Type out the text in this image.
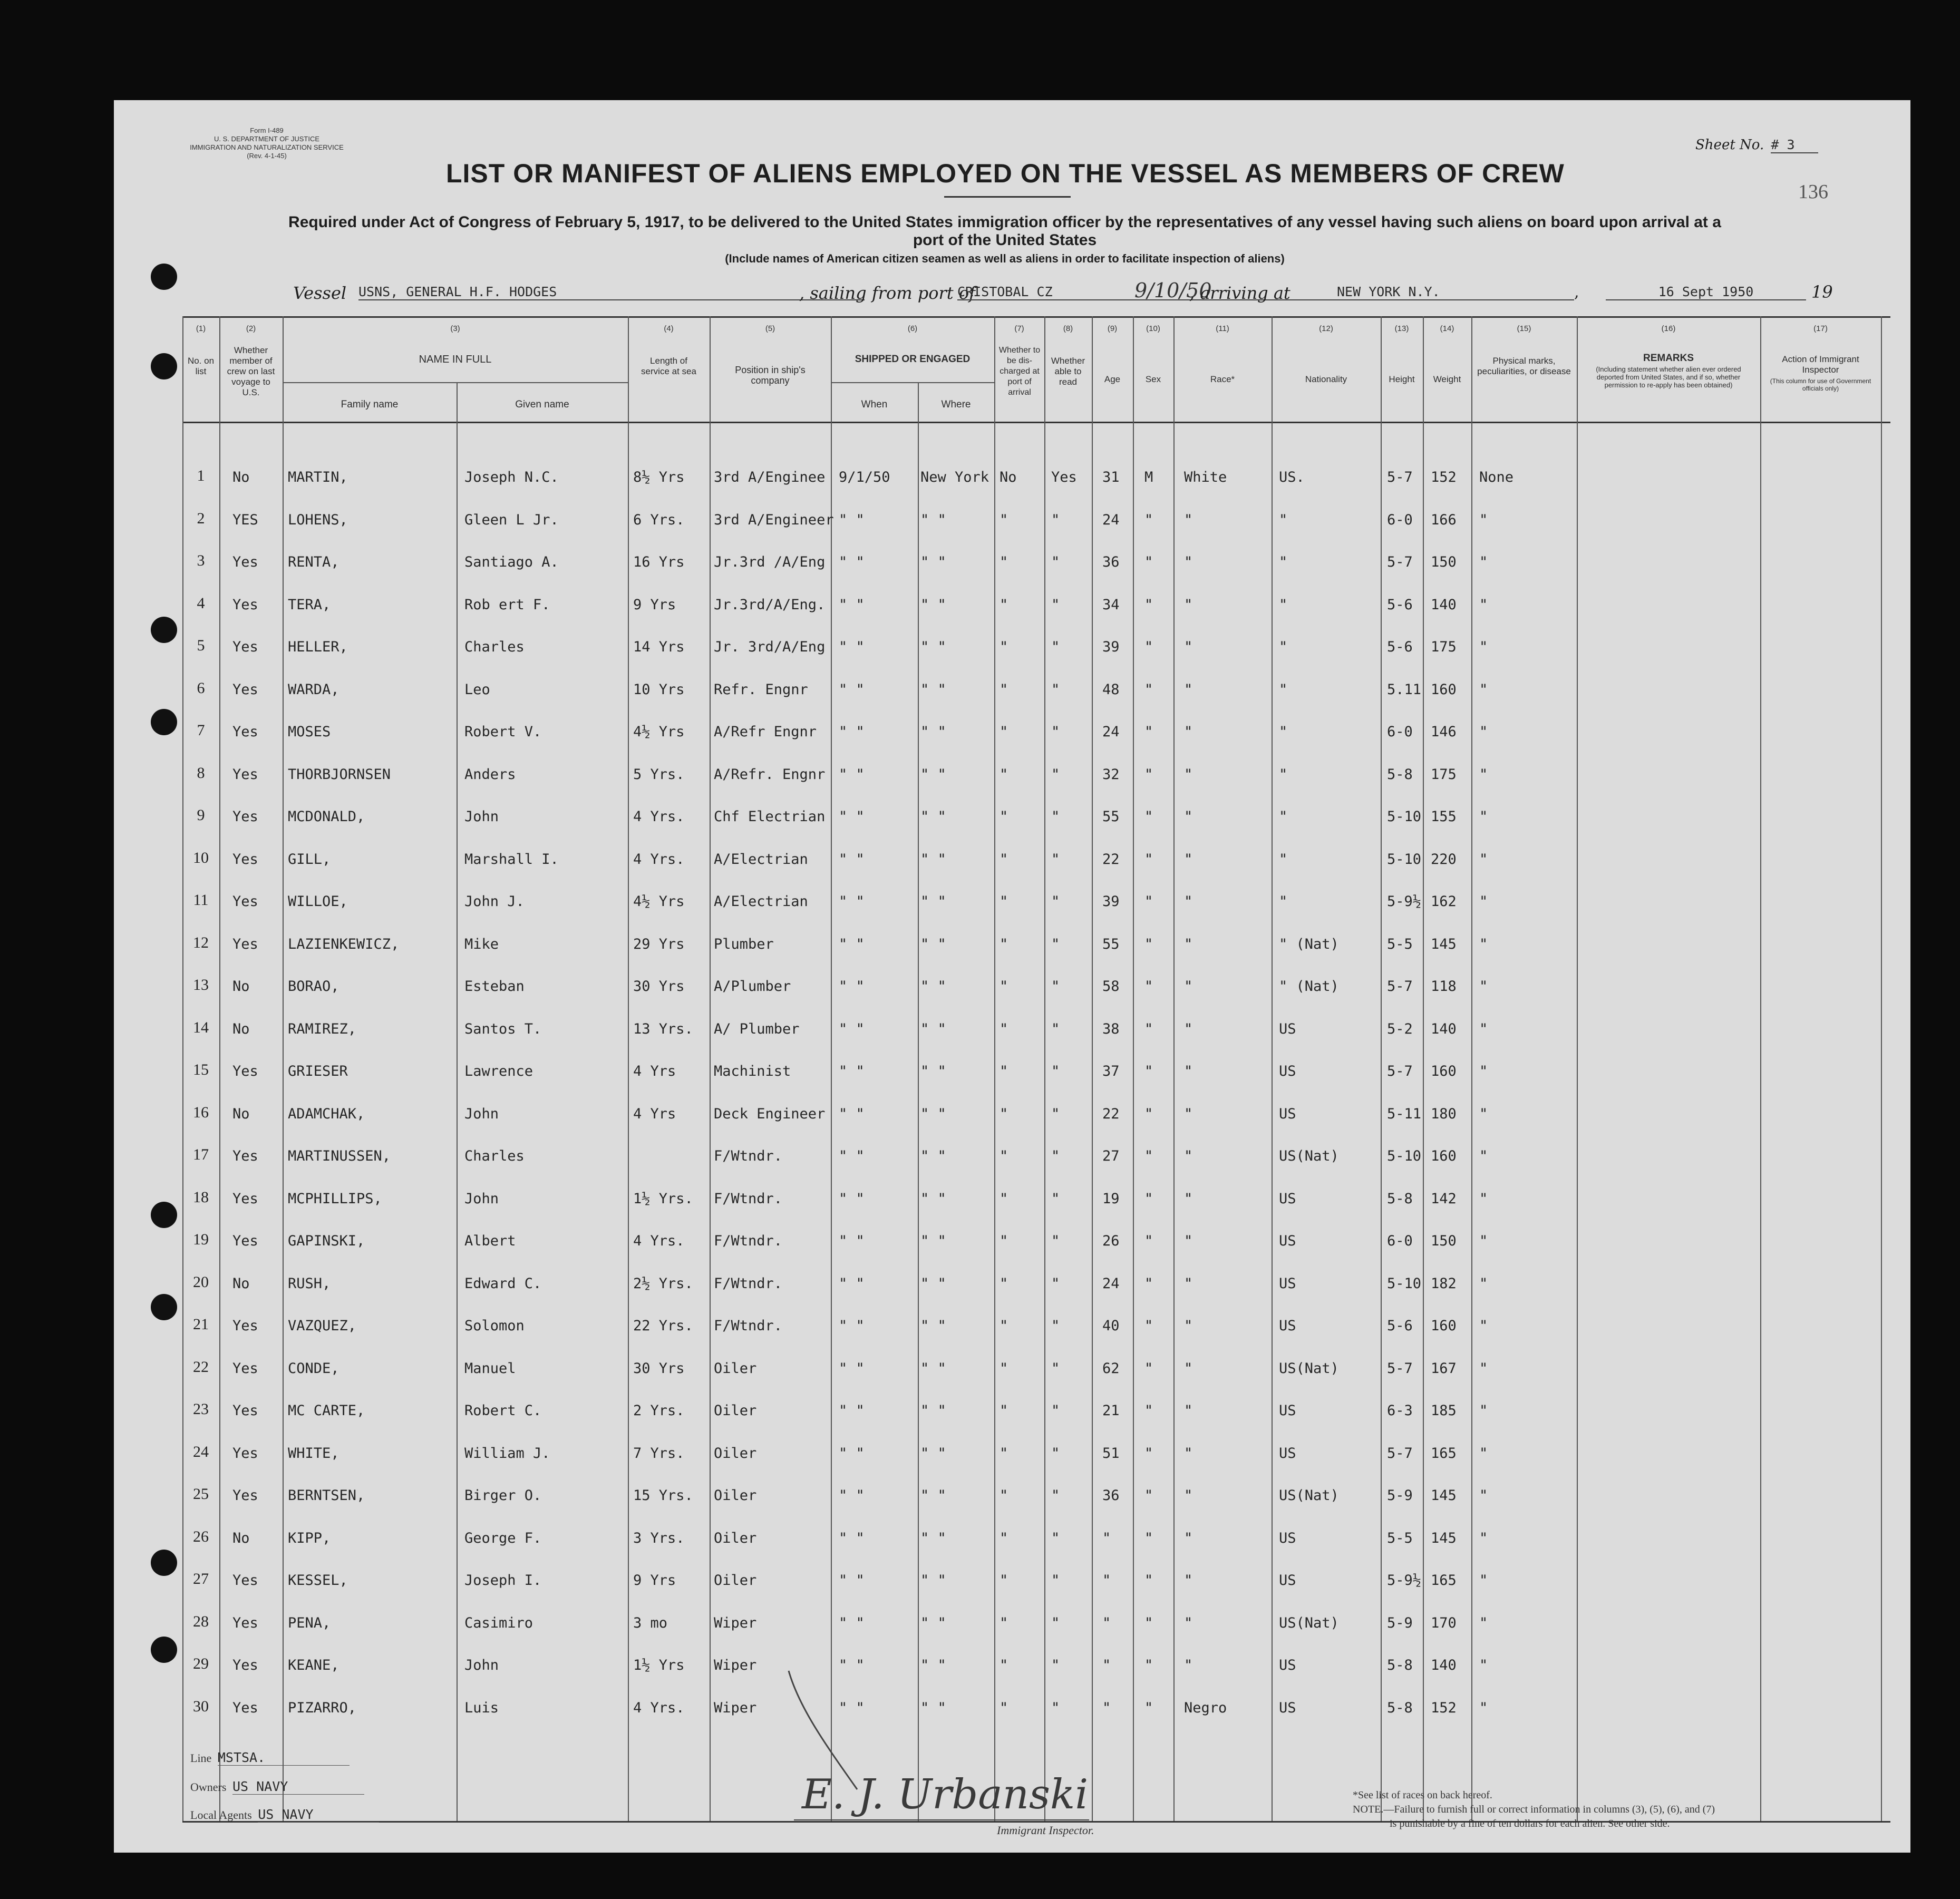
Form I-489
U. S. DEPARTMENT OF JUSTICE
IMMIGRATION AND NATURALIZATION SERVICE
(Rev. 4-1-45)
Sheet No. # 3
136
LIST OR MANIFEST OF ALIENS EMPLOYED ON THE VESSEL AS MEMBERS OF CREW
Required under Act of Congress of February 5, 1917, to be delivered to the United States immigration officer by the representatives of any vessel having such aliens on board upon arrival at a
port of the United States
(Include names of American citizen seamen as well as aliens in order to facilitate inspection of aliens)
Vessel USNS, GENERAL H.F. HODGES	, sailing from port of
CRISTOBAL CZ	9/10/50
, arriving at	NEW YORK N.Y.	,	16 Sept 1950	19
(1)	(2)	(3)	(4)	(5)	(6)	(7)	(8)	(9)	(10)	(11)	(12)	(13)	(14)	(15)	(16)	(17)
No. on list
Whether member of crew on last voyage to U.S.
NAME IN FULL
Family name	Given name
Length of service at sea	Position in ship's company
SHIPPED OR ENGAGED
When	Where
Whether to be dis-charged at port of arrival
Whether able to read	Age	Sex	Race*	Nationality	Height	Weight
Physical marks, peculiarities, or disease
REMARKS
(Including statement whether alien ever ordered deported from United States, and if so, whether permission to re-apply has been obtained)
Action of Immigrant Inspector
(This column for use of Government officials only)
1	No	MARTIN,	Joseph N.C.	8½ Yrs 3rd A/Enginee 9/1/50 New York No Yes 31 M White	US.	5-7 152 None
2	YES LOHENS,	Gleen L Jr.	6 Yrs. 3rd A/Engineer " "	" "	"	"	24 " "	"	6-0 166 "
3	Yes RENTA,	Santiago A.	16 Yrs Jr.3rd /A/Eng " "	" "	"	"	36 " "	"	5-7 150 "
4	Yes TERA,	Rob ert F.	9 Yrs	Jr.3rd/A/Eng. " "	" "	"	"	34 " "	"	5-6 140 "
5	Yes HELLER,	Charles	14 Yrs Jr. 3rd/A/Eng " "	" "	"	"	39 " "	"	5-6 175 "
6	Yes WARDA,	Leo	10 Yrs Refr. Engnr " "	" "	"	"	48 " "	"	5.11 160 "
7	Yes MOSES	Robert V.	4½ Yrs A/Refr Engnr " "	" "	"	"	24 " "	"	6-0 146 "
8	Yes THORBJORNSEN	Anders	5 Yrs. A/Refr. Engnr " "	" "	"	"	32 " "	"	5-8 175 "
9	Yes MCDONALD,	John	4 Yrs. Chf Electrian " "	" "	"	"	55 " "	"	5-10 155 "
10	Yes GILL,	Marshall I.	4 Yrs. A/Electrian " "	" "	"	"	22 " "	"	5-10 220 "
11	Yes WILLOE,	John J.	4½ Yrs A/Electrian " "	" "	"	"	39 " "	"	5-9½ 162 "
12	Yes LAZIENKEWICZ,	Mike	29 Yrs Plumber	" "	" "	"	"	55 " "	" (Nat)	5-5 145 "
13	No	BORAO,	Esteban	30 Yrs A/Plumber	" "	" "	"	"	58 " "	" (Nat)	5-7 118 "
14	No	RAMIREZ,	Santos T.	13 Yrs. A/ Plumber	" "	" "	"	"	38 " "	US	5-2 140 "
15	Yes GRIESER	Lawrence	4 Yrs	Machinist	" "	" "	"	"	37 " "	US	5-7 160 "
16	No	ADAMCHAK,	John	4 Yrs	Deck Engineer " "	" "	"	"	22 " "	US	5-11 180 "
17	Yes MARTINUSSEN,	Charles	F/Wtndr.	" "	" "	"	"	27 " "	US(Nat)	5-10 160 "
18	Yes MCPHILLIPS,	John	1½ Yrs. F/Wtndr.	" "	" "	"	"	19 " "	US	5-8 142 "
19	Yes GAPINSKI,	Albert	4 Yrs. F/Wtndr.	" "	" "	"	"	26 " "	US	6-0 150 "
20	No	RUSH,	Edward C.	2½ Yrs. F/Wtndr.	" "	" "	"	"	24 " "	US	5-10 182 "
21	Yes VAZQUEZ,	Solomon	22 Yrs. F/Wtndr.	" "	" "	"	"	40 " "	US	5-6 160 "
22	Yes CONDE,	Manuel	30 Yrs Oiler	" "	" "	"	"	62 " "	US(Nat)	5-7 167 "
23	Yes MC CARTE,	Robert C.	2 Yrs. Oiler	" "	" "	"	"	21 " "	US	6-3 185 "
24	Yes WHITE,	William J.	7 Yrs. Oiler	" "	" "	"	"	51 " "	US	5-7 165 "
25	Yes BERNTSEN,	Birger O.	15 Yrs. Oiler	" "	" "	"	"	36 " "	US(Nat)	5-9 145 "
26	No	KIPP,	George F.	3 Yrs. Oiler	" "	" "	"	"	" " "	US	5-5 145 "
27	Yes KESSEL,	Joseph I.	9 Yrs	Oiler	" "	" "	"	"	" " "	US	5-9½ 165 "
28	Yes PENA,	Casimiro	3 mo	Wiper	" "	" "	"	"	" " "	US(Nat)	5-9 170 "
29	Yes KEANE,	John	1½ Yrs Wiper	" "	" "	"	"	" " "	US	5-8 140 "
30	Yes PIZARRO,	Luis	4 Yrs. Wiper	" "	" "	"	"	" " Negro	US	5-8 152 "
Line MSTSA.
Owners US NAVY
Local Agents US NAVY	E. J. Urbanski
Immigrant Inspector.
*See list of races on back hereof.
NOTE.—Failure to furnish full or correct information in columns (3), (5), (6), and (7)
is punishable by a fine of ten dollars for each alien. See other side.
